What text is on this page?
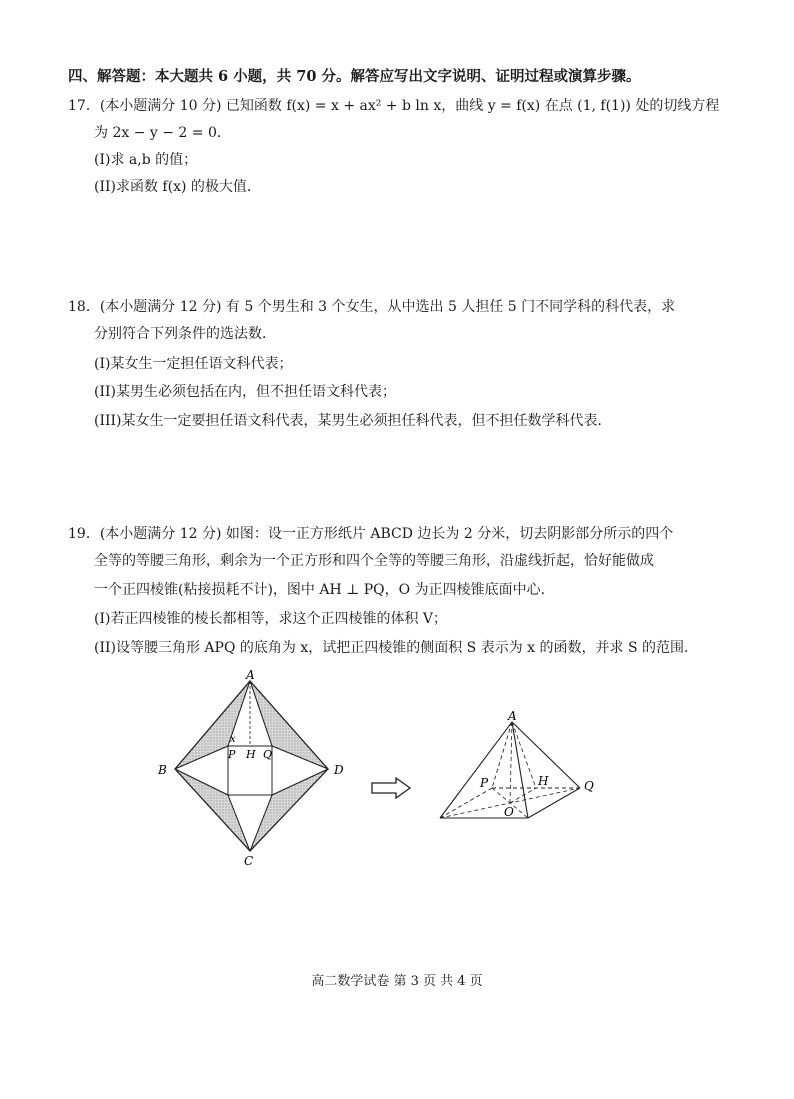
四、解答题：本大题共 6 小题，共 70 分。解答应写出文字说明、证明过程或演算步骤。
17．(本小题满分 10 分) 已知函数 f(x) = x + ax² + b ln x，曲线 y = f(x) 在点 (1, f(1)) 处的切线方程
为 2x − y − 2 = 0．
(I)求 a,b 的值；
(II)求函数 f(x) 的极大值．
18．(本小题满分 12 分) 有 5 个男生和 3 个女生，从中选出 5 人担任 5 门不同学科的科代表，求
分别符合下列条件的选法数．
(I)某女生一定担任语文科代表；
(II)某男生必须包括在内，但不担任语文科代表；
(III)某女生一定要担任语文科代表，某男生必须担任科代表，但不担任数学科代表．
19．(本小题满分 12 分) 如图：设一正方形纸片 ABCD 边长为 2 分米，切去阴影部分所示的四个
全等的等腰三角形，剩余为一个正方形和四个全等的等腰三角形，沿虚线折起，恰好能做成
一个正四棱锥(粘接损耗不计)，图中 AH ⊥ PQ，O 为正四棱锥底面中心．
(I)若正四棱锥的棱长都相等，求这个正四棱锥的体积 V；
(II)设等腰三角形 APQ 的底角为 x，试把正四棱锥的侧面积 S 表示为 x 的函数，并求 S 的范围．
A
B
C
D
x
P H Q
A
P	H	Q
O
高二数学试卷 第 3 页 共 4 页
